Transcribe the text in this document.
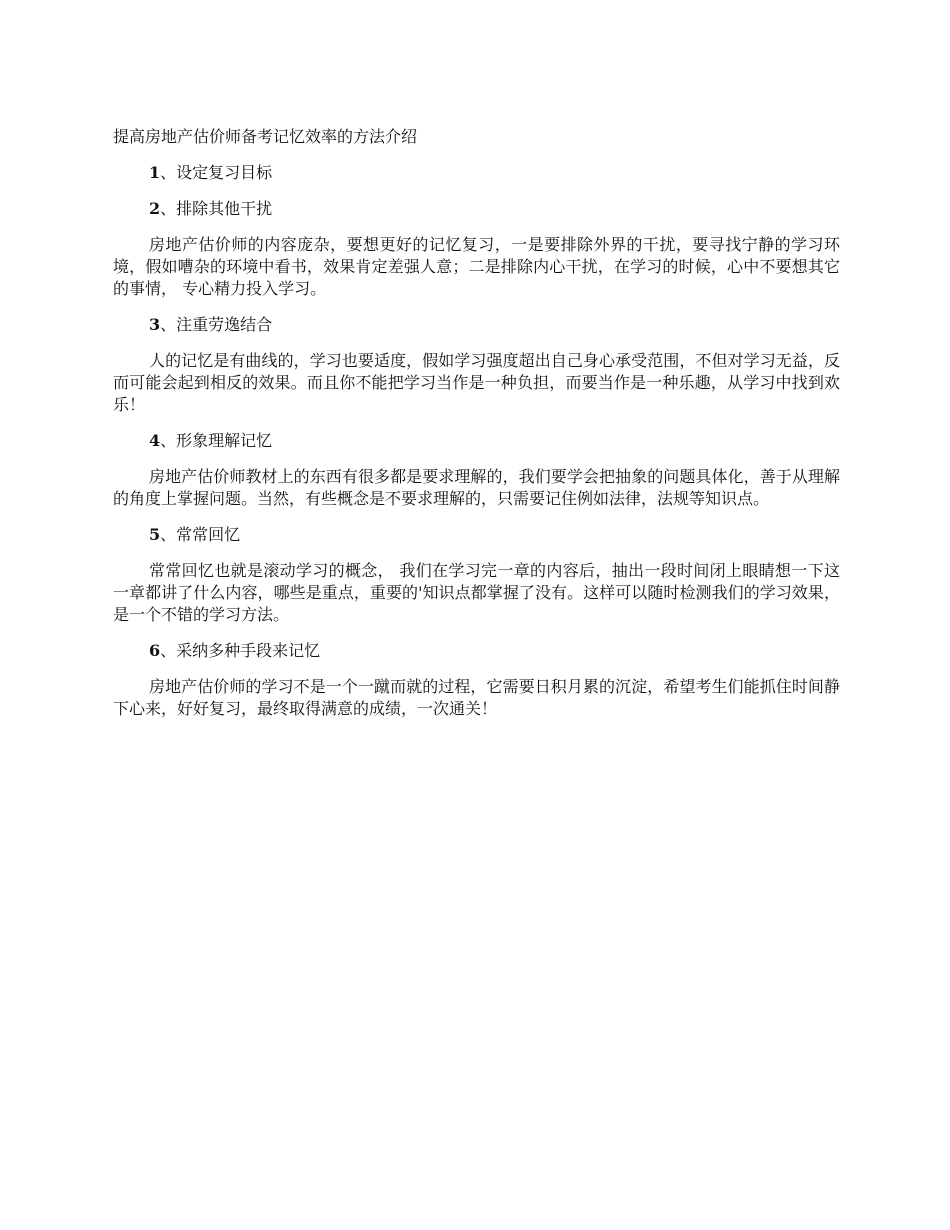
提高房地产估价师备考记忆效率的方法介绍
1、设定复习目标
2、排除其他干扰
房地产估价师的内容庞杂，要想更好的记忆复习，一是要排除外界的干扰，要寻找宁静的学习环境，假如嘈杂的环境中看书，效果肯定差强人意；二是排除内心干扰，在学习的时候，心中不要想其它的事情， 专心精力投入学习。
3、注重劳逸结合
人的记忆是有曲线的，学习也要适度，假如学习强度超出自己身心承受范围，不但对学习无益，反而可能会起到相反的效果。而且你不能把学习当作是一种负担，而要当作是一种乐趣，从学习中找到欢乐！
4、形象理解记忆
房地产估价师教材上的东西有很多都是要求理解的，我们要学会把抽象的问题具体化，善于从理解的角度上掌握问题。当然，有些概念是不要求理解的，只需要记住例如法律，法规等知识点。
5、常常回忆
常常回忆也就是滚动学习的概念， 我们在学习完一章的内容后，抽出一段时间闭上眼睛想一下这一章都讲了什么内容，哪些是重点，重要的'知识点都掌握了没有。这样可以随时检测我们的学习效果，是一个不错的学习方法。
6、采纳多种手段来记忆
房地产估价师的学习不是一个一蹴而就的过程，它需要日积月累的沉淀，希望考生们能抓住时间静下心来，好好复习，最终取得满意的成绩，一次通关！
